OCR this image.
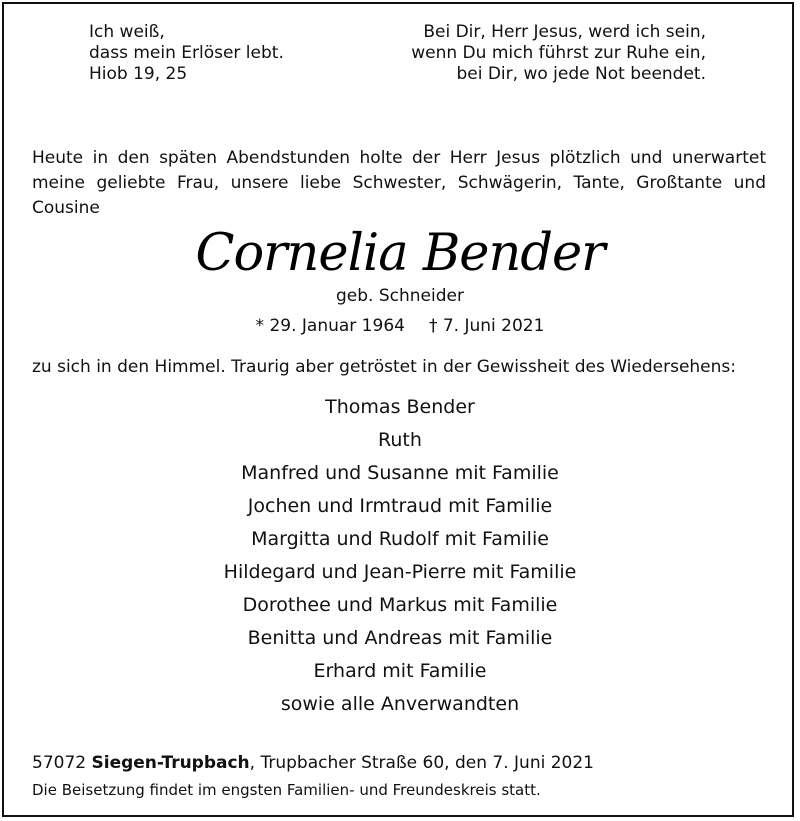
Ich weiß,
dass mein Erlöser lebt.
Hiob 19, 25
Bei Dir, Herr Jesus, werd ich sein,
wenn Du mich führst zur Ruhe ein,
bei Dir, wo jede Not beendet.
Heute in den späten Abendstunden holte der Herr Jesus plötzlich und unerwartet meine geliebte Frau, unsere liebe Schwester, Schwägerin, Tante, Großtante und Cousine
Cornelia Bender
geb. Schneider
* 29. Januar 1964 † 7. Juni 2021
zu sich in den Himmel. Traurig aber getröstet in der Gewissheit des Wiedersehens:
Thomas Bender
Ruth
Manfred und Susanne mit Familie
Jochen und Irmtraud mit Familie
Margitta und Rudolf mit Familie
Hildegard und Jean-Pierre mit Familie
Dorothee und Markus mit Familie
Benitta und Andreas mit Familie
Erhard mit Familie
sowie alle Anverwandten
57072 Siegen-Trupbach, Trupbacher Straße 60, den 7. Juni 2021
Die Beisetzung findet im engsten Familien- und Freundeskreis statt.
